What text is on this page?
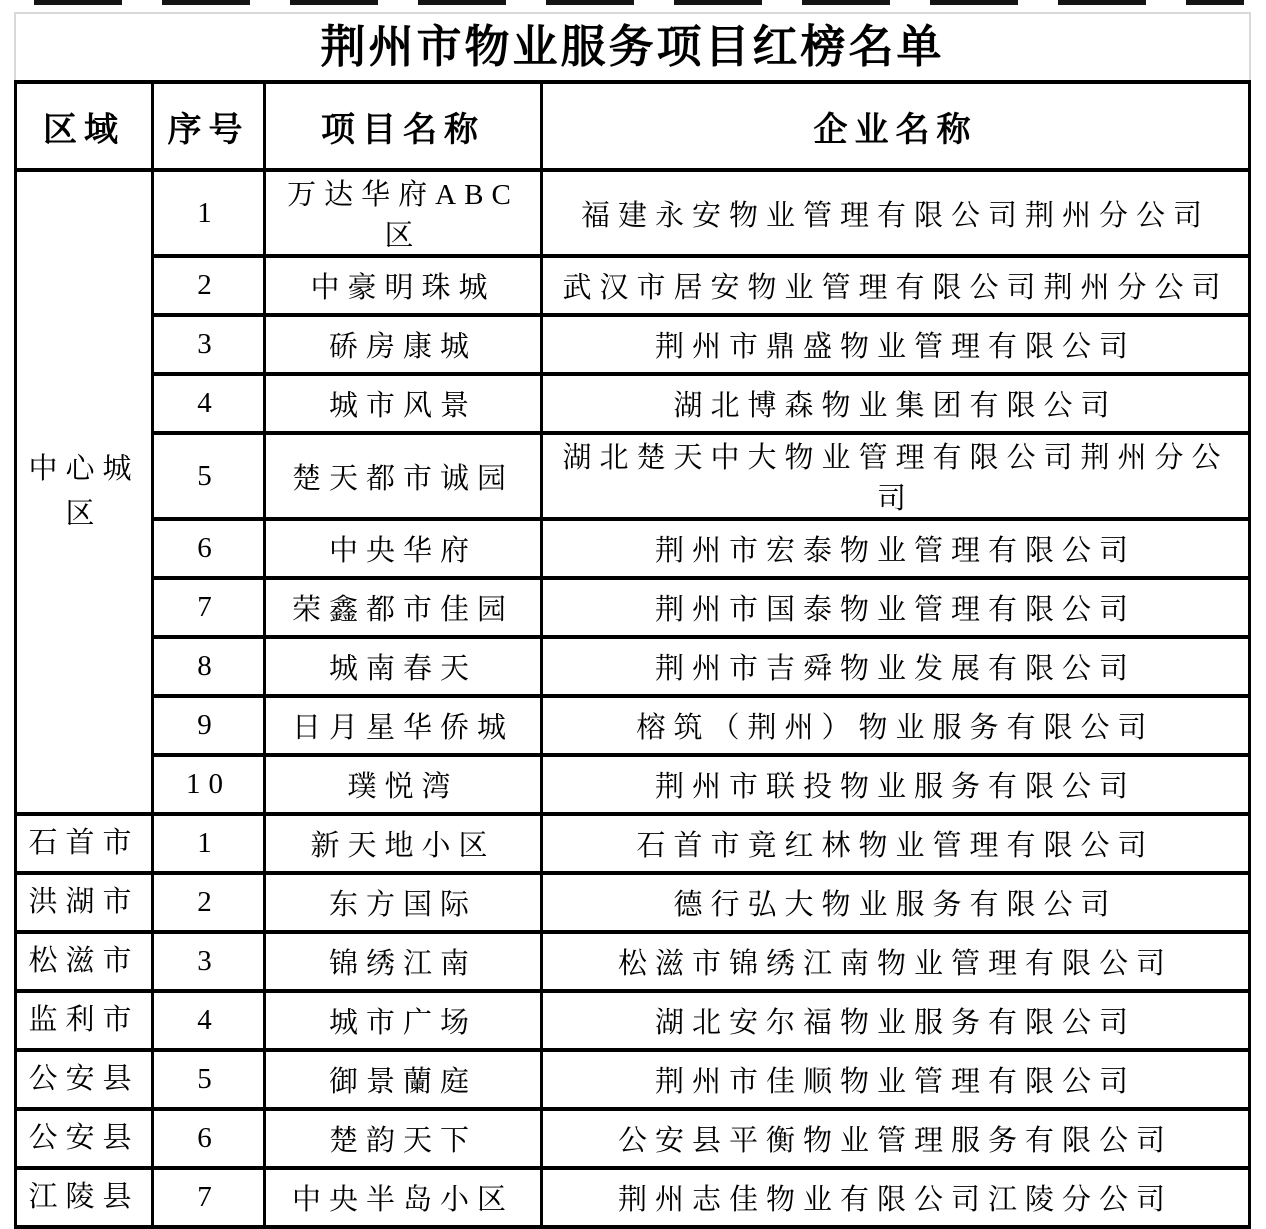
荆州市物业服务项目红榜名单
区域	序号	项目名称	企业名称
中心城区	1	万达华府ABC区	福建永安物业管理有限公司荆州分公司
	2	中豪明珠城	武汉市居安物业管理有限公司荆州分公司
	3	硚房康城	荆州市鼎盛物业管理有限公司
	4	城市风景	湖北博森物业集团有限公司
	5	楚天都市诚园	湖北楚天中大物业管理有限公司荆州分公司
	6	中央华府	荆州市宏泰物业管理有限公司
	7	荣鑫都市佳园	荆州市国泰物业管理有限公司
	8	城南春天	荆州市吉舜物业发展有限公司
	9	日月星华侨城	榕筑（荆州）物业服务有限公司
	10	璞悦湾	荆州市联投物业服务有限公司
石首市	1	新天地小区	石首市竟红林物业管理有限公司
洪湖市	2	东方国际	德行弘大物业服务有限公司
松滋市	3	锦绣江南	松滋市锦绣江南物业管理有限公司
监利市	4	城市广场	湖北安尔福物业服务有限公司
公安县	5	御景蘭庭	荆州市佳顺物业管理有限公司
公安县	6	楚韵天下	公安县平衡物业管理服务有限公司
江陵县	7	中央半岛小区	荆州志佳物业有限公司江陵分公司
